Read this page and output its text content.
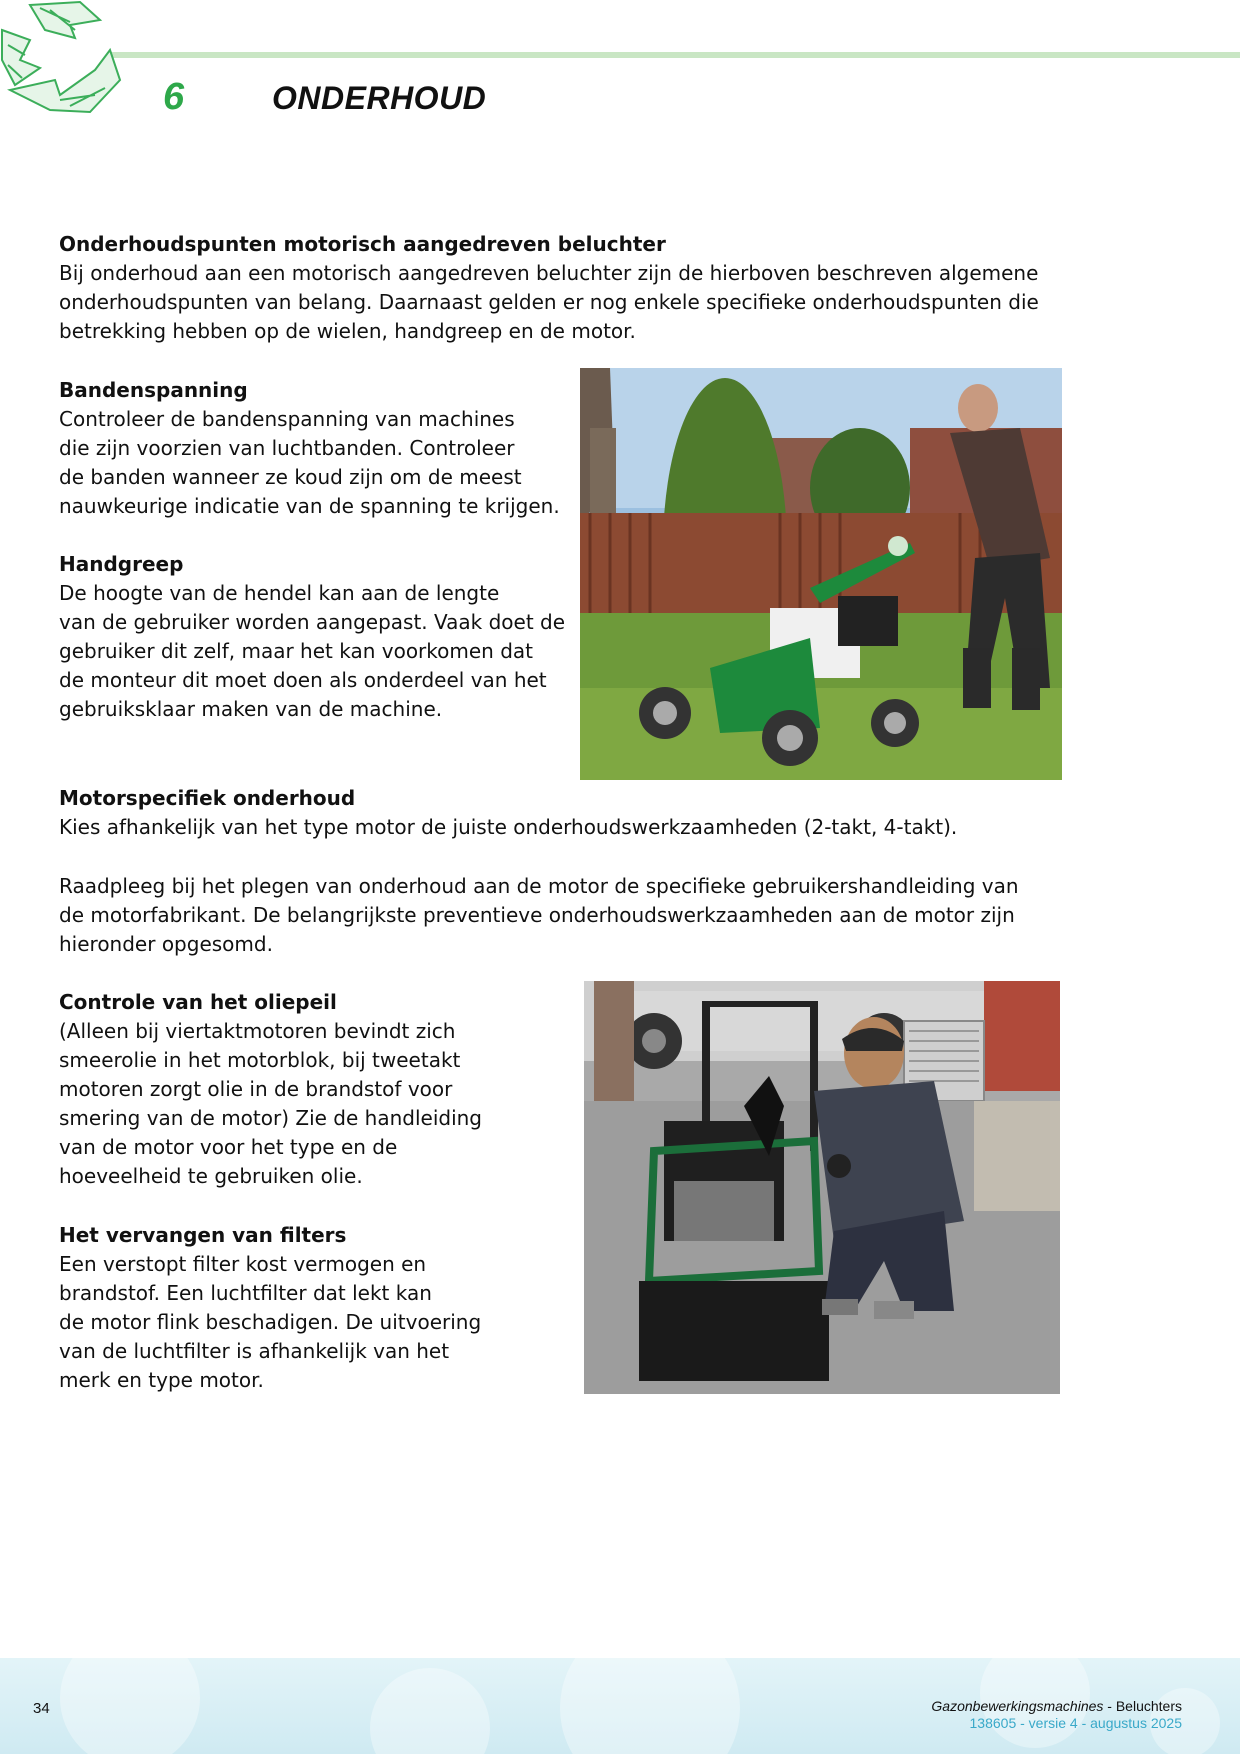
6	ONDERHOUD
Onderhoudspunten motorisch aangedreven beluchter
Bij onderhoud aan een motorisch aangedreven beluchter zijn de hierboven beschreven algemene
onderhoudspunten van belang. Daarnaast gelden er nog enkele specifieke onderhoudspunten die
betrekking hebben op de wielen, handgreep en de motor.
Bandenspanning
Controleer de bandenspanning van machines
die zijn voorzien van luchtbanden. Controleer
de banden wanneer ze koud zijn om de meest
nauwkeurige indicatie van de spanning te krijgen.
Handgreep
De hoogte van de hendel kan aan de lengte
van de gebruiker worden aangepast. Vaak doet de
gebruiker dit zelf, maar het kan voorkomen dat
de monteur dit moet doen als onderdeel van het
gebruiksklaar maken van de machine.
Motorspecifiek onderhoud
Kies afhankelijk van het type motor de juiste onderhoudswerkzaamheden (2-takt, 4-takt).
Raadpleeg bij het plegen van onderhoud aan de motor de specifieke gebruikershandleiding van
de motorfabrikant. De belangrijkste preventieve onderhoudswerkzaamheden aan de motor zijn
hieronder opgesomd.
Controle van het oliepeil
(Alleen bij viertaktmotoren bevindt zich
smeerolie in het motorblok, bij tweetakt
motoren zorgt olie in de brandstof voor
smering van de motor) Zie de handleiding
van de motor voor het type en de
hoeveelheid te gebruiken olie.
Het vervangen van filters
Een verstopt filter kost vermogen en
brandstof. Een luchtfilter dat lekt kan
de motor flink beschadigen. De uitvoering
van de luchtfilter is afhankelijk van het
merk en type motor.
34	Gazonbewerkingsmachines - Beluchters
138605 - versie 4 - augustus 2025
